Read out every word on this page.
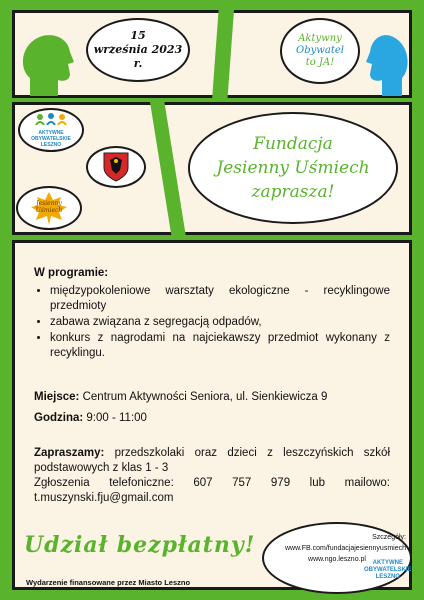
15
września 2023 r.
Aktywny
Obywatel
to JA!
AKTYWNE
OBYWATELSKIE
LESZNO
Jesienny
Uśmiech
Fundacja
Jesienny Uśmiech
zaprasza!
W programie:
• międzypokoleniowe warsztaty ekologiczne - recyklingowe przedmioty
• zabawa związana z segregacją odpadów,
• konkurs z nagrodami na najciekawszy przedmiot wykonany z recyklingu.
Miejsce: Centrum Aktywności Seniora, ul. Sienkiewicza 9
Godzina: 9:00 - 11:00
Zapraszamy: przedszkolaki oraz dzieci z leszczyńskich szkół podstawowych z klas 1 - 3
Zgłoszenia telefoniczne: 607 757 979 lub mailowo:
t.muszynski.fju@gmail.com
Udział bezpłatny!
Wydarzenie finansowane przez Miasto Leszno
Szczegóły:
www.FB.com/fundacjajesiennyusmiech
www.ngo.leszno.pl	AKTYWNE
OBYWATELSKIE
LESZNO
